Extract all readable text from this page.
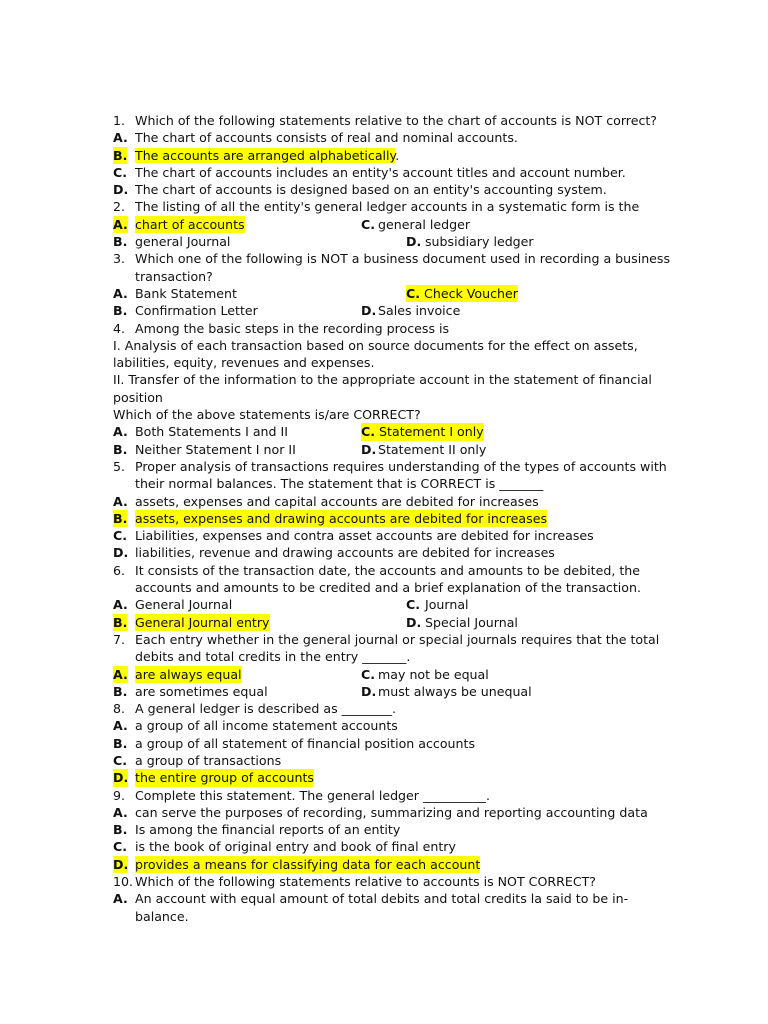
1. Which of the following statements relative to the chart of accounts is NOT correct?
A. The chart of accounts consists of real and nominal accounts.
B. The accounts are arranged alphabetically.
C. The chart of accounts includes an entity's account titles and account number.
D. The chart of accounts is designed based on an entity's accounting system.
2. The listing of all the entity's general ledger accounts in a systematic form is the
A. chart of accounts	C. general ledger
B. general Journal	D. subsidiary ledger
3. Which one of the following is NOT a business document used in recording a business
transaction?
A. Bank Statement	C. Check Voucher
B. Confirmation Letter	D. Sales invoice
4. Among the basic steps in the recording process is
I. Analysis of each transaction based on source documents for the effect on assets,
labilities, equity, revenues and expenses.
II. Transfer of the information to the appropriate account in the statement of financial
position
Which of the above statements is/are CORRECT?
A. Both Statements I and II	C. Statement I only
B. Neither Statement I nor II	D. Statement II only
5. Proper analysis of transactions requires understanding of the types of accounts with
their normal balances. The statement that is CORRECT is _______
A. assets, expenses and capital accounts are debited for increases
B. assets, expenses and drawing accounts are debited for increases
C. Liabilities, expenses and contra asset accounts are debited for increases
D. liabilities, revenue and drawing accounts are debited for increases
6. It consists of the transaction date, the accounts and amounts to be debited, the
accounts and amounts to be credited and a brief explanation of the transaction.
A. General Journal	C. Journal
B. General Journal entry	D. Special Journal
7. Each entry whether in the general journal or special journals requires that the total
debits and total credits in the entry _______.
A. are always equal	C. may not be equal
B. are sometimes equal	D. must always be unequal
8. A general ledger is described as ________.
A. a group of all income statement accounts
B. a group of all statement of financial position accounts
C. a group of transactions
D. the entire group of accounts
9. Complete this statement. The general ledger __________.
A. can serve the purposes of recording, summarizing and reporting accounting data
B. Is among the financial reports of an entity
C. is the book of original entry and book of final entry
D. provides a means for classifying data for each account
10. Which of the following statements relative to accounts is NOT CORRECT?
A. An account with equal amount of total debits and total credits la said to be in-
balance.
